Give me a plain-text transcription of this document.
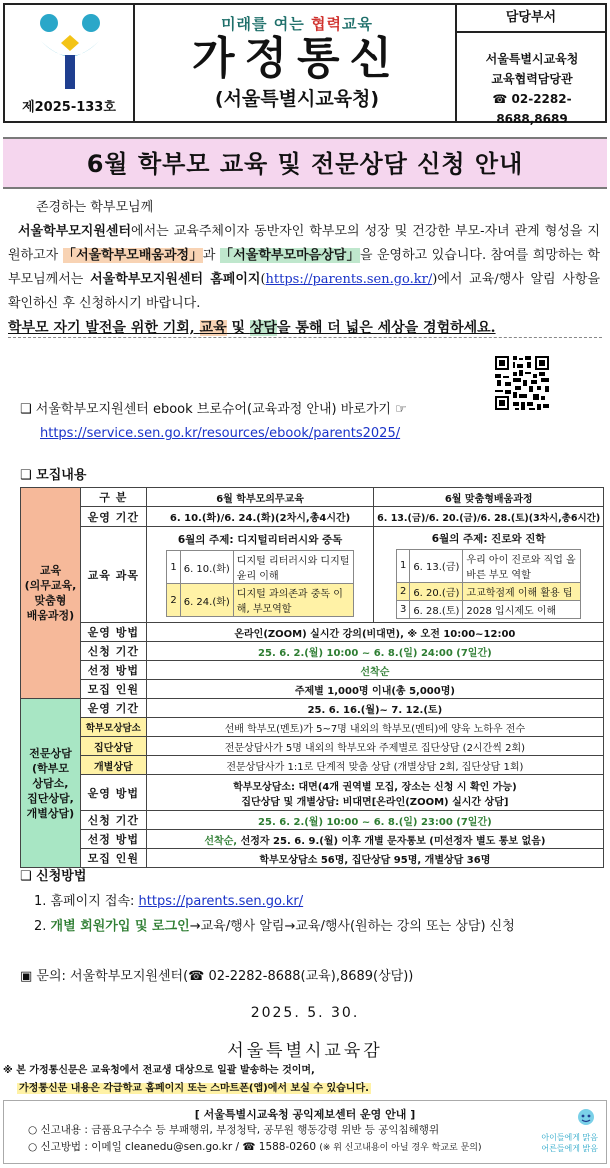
제2025-133호
미래를 여는 협력교육
가정통신
(서울특별시교육청)
담당부서
서울특별시교육청
교육협력담당관
☎ 02-2282-8688,8689
6월 학부모 교육 및 전문상담 신청 안내

존경하는 학부모님께

서울학부모지원센터에서는 교육주체이자 동반자인 학부모의 성장 및 건강한 부모-자녀 관계 형성을 지원하고자 「서울학부모배움과정」과 「서울학부모마음상담」을 운영하고 있습니다. 참여를 희망하는 학부모님께서는 서울학부모지원센터 홈페이지(https://parents.sen.go.kr/)에서 교육/행사 알림 사항을 확인하신 후 신청하시기 바랍니다.

학부모 자기 발전을 위한 기회, 교육 및 상담을 통해 더 넓은 세상을 경험하세요.

❑ 서울학부모지원센터 ebook 브로슈어(교육과정 안내) 바로가기 ☞
https://service.sen.go.kr/resources/ebook/parents2025/
❑ 모집내용
교육
(의무교육,
맞춤형
배움과정)
	구 분	6월 학부모의무교육	6월 맞춤형배움과정
운영 기간	6. 10.(화)/6. 24.(화)(2차시,총4시간)	6. 13.(금)/6. 20.(금)/6. 28.(토)(3차시,총6시간)
교육 과목	
6월의 주제: 디지털리터러시와 중독
1	6. 10.(화)	디지털 리터러시와 디지털 윤리 이해
2	6. 24.(화)	디지털 과의존과 중독 이해, 부모역할

6월의 주제: 진로와 진학
1	6. 13.(금)	우리 아이 진로와 직업 올바른 부모 역할
2	6. 20.(금)	고교학점제 이해 활용 팁
3	6. 28.(토)	2028 입시제도 이해

운영 방법	온라인(ZOOM) 실시간 강의(비대면), ※ 오전 10:00~12:00
신청 기간	25. 6. 2.(월) 10:00 ~ 6. 8.(일) 24:00 (7일간)
선정 방법	선착순
모집 인원	주제별 1,000명 이내(총 5,000명)

전문상담
(학부모
상담소,
집단상담,
개별상담)
	운영 기간	25. 6. 16.(월)~ 7. 12.(토)
학부모상담소	선배 학부모(멘토)가 5~7명 내외의 학부모(멘티)에 양육 노하우 전수
집단상담	전문상담사가 5명 내외의 학부모와 주제별로 집단상담 (2시간씩 2회)
개별상담	전문상담사가 1:1로 단계적 맞춤 상담 (개별상담 2회, 집단상담 1회)
운영 방법	학부모상담소: 대면(4개 권역별 모집, 장소는 신청 시 확인 가능)
집단상담 및 개별상담: 비대면[온라인(ZOOM) 실시간 상담]

신청 기간	25. 6. 2.(월) 10:00 ~ 6. 8.(일) 23:00 (7일간)
선정 방법	선착순, 선정자 25. 6. 9.(월) 이후 개별 문자통보 (미선정자 별도 통보 없음)
모집 인원	학부모상담소 56명, 집단상담 95명, 개별상담 36명
❑ 신청방법
1. 홈페이지 접속: https://parents.sen.go.kr/
2. 개별 회원가입 및 로그인→교육/행사 알림→교육/행사(원하는 강의 또는 상담) 신청
▣ 문의: 서울학부모지원센터(☎ 02-2282-8688(교육),8689(상담))
2025. 5. 30.
서울특별시교육감
※ 본 가정통신문은 교육청에서 전교생 대상으로 일괄 발송하는 것이며,
가정통신문 내용은 각급학교 홈페이지 또는 스마트폰(앱)에서 보실 수 있습니다.
[ 서울특별시교육청 공익제보센터 운영 안내 ]
○ 신고내용 : 금품요구수수 등 부패행위, 부정청탁, 공무원 행동강령 위반 등 공익침해행위
○ 신고방법 : 이메일 cleanedu@sen.go.kr / ☎ 1588-0260 (※ 위 신고내용이 아닐 경우 학교로 문의)
아이들에게 맑음
어른들에게 밝음
